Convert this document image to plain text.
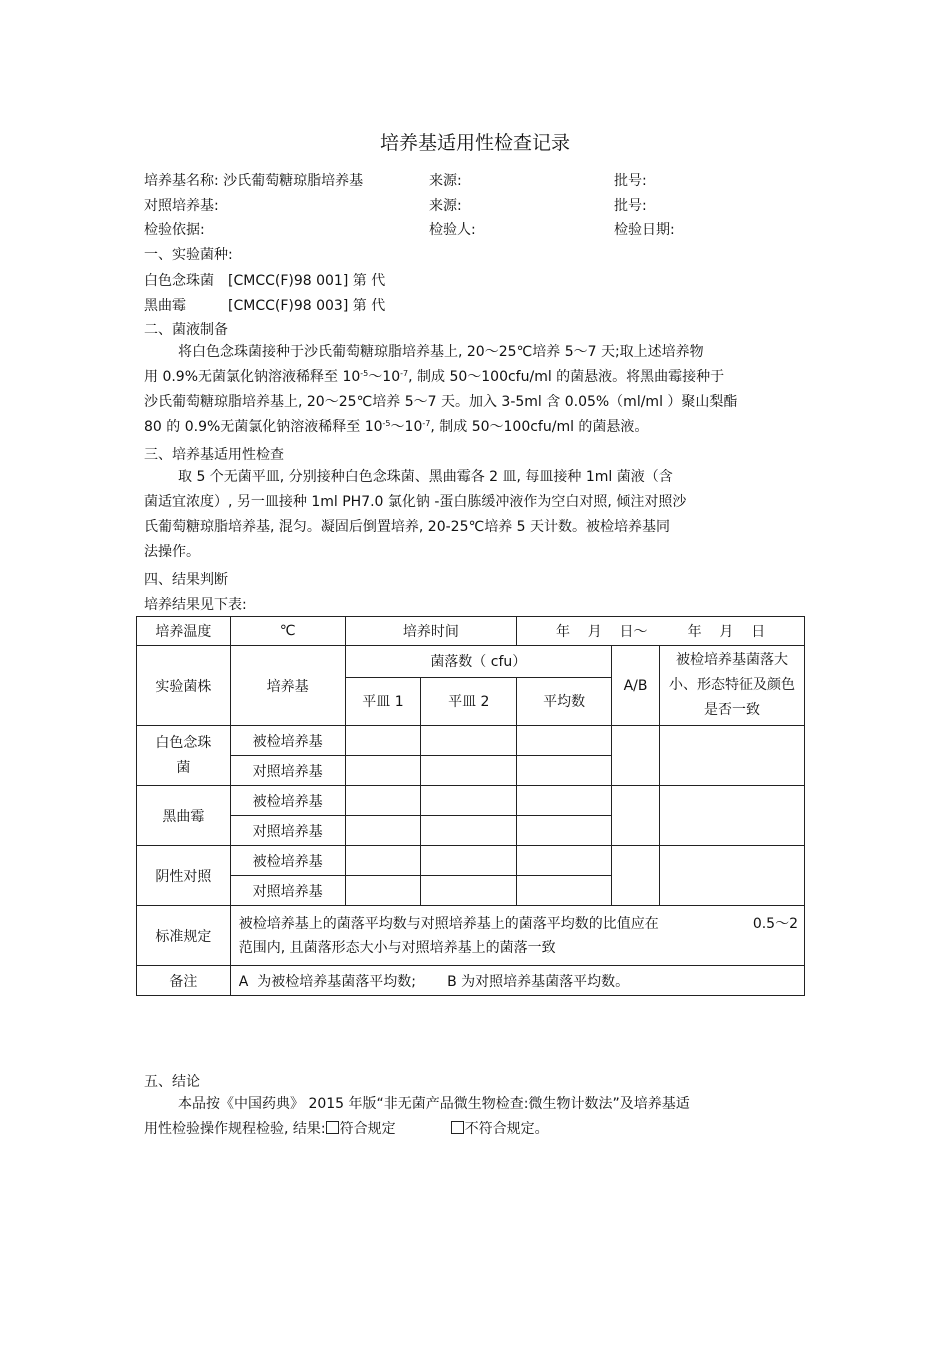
培养基适用性检查记录
培养基名称: 沙氏葡萄糖琼脂培养基	来源:	批号:
对照培养基:	来源:	批号:
检验依据:	检验人:	检验日期:
一、实验菌种:
白色念珠菌 [CMCC(F)98 001] 第 代
黑曲霉	[CMCC(F)98 003] 第 代
二、菌液制备
将白色念珠菌接种于沙氏葡萄糖琼脂培养基上, 20～25℃培养 5～7 天;取上述培养物
用 0.9%无菌氯化钠溶液稀释至 $10^{-5}\sim 10^{-7}$, 制成 50～100cfu/ml 的菌悬液。将黑曲霉接种于
沙氏葡萄糖琼脂培养基上, 20～25℃培养 5～7 天。加入 3-5ml 含 0.05%（ml/ml ）聚山梨酯
80 的 0.9%无菌氯化钠溶液稀释至 $10^{-5}\sim 10^{-7}$, 制成 50～100cfu/ml 的菌悬液。
三、培养基适用性检查
取 5 个无菌平皿, 分别接种白色念珠菌、黑曲霉各 2 皿, 每皿接种 1ml 菌液（含
菌适宜浓度）, 另一皿接种 1ml PH7.0 氯化钠 -蛋白胨缓冲液作为空白对照, 倾注对照沙
氏葡萄糖琼脂培养基, 混匀。凝固后倒置培养, 20-25℃培养 5 天计数。被检培养基同
法操作。
四、结果判断
培养结果见下表:
培养温度	℃	培养时间		年    月    日～         年    月    日		
实验菌株	培养基	菌落数（ cfu）			A/B	被检培养基菌落大小、形态特征及颜色是否一致
		平皿 1	平皿 2	平均数		
白色念珠菌	被检培养基					
	对照培养基					
黑曲霉	被检培养基					
	对照培养基					
阴性对照	被检培养基					
	对照培养基					
标准规定	被检培养基上的菌落平均数与对照培养基上的菌落平均数的比值应在 0.5～2
范围内, 且菌落形态大小与对照培养基上的菌落一致					

备注	A  为被检培养基菌落平均数;       B 为对照培养基菌落平均数。					
五、结论
本品按《中国药典》 2015 年版“非无菌产品微生物检查:微生物计数法”及培养基适
用性检验操作规程检验, 结果: 符合规定	不符合规定。
